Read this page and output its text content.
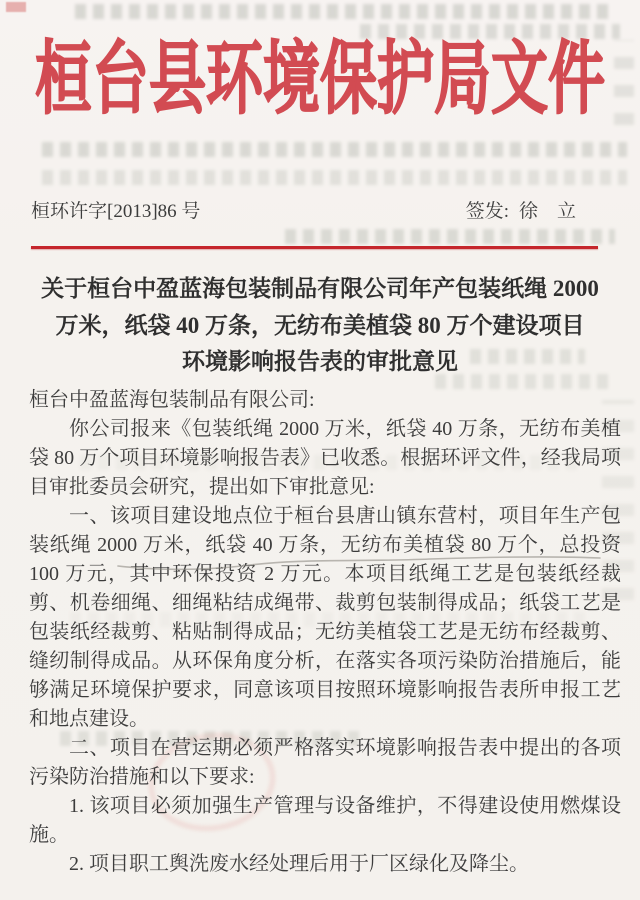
桓台县环境保护局文件
桓环许字[2013]86 号	签发: 徐　立
关于桓台中盈蓝海包装制品有限公司年产包装纸绳 2000
万米，纸袋 40 万条，无纺布美植袋 80 万个建设项目
环境影响报告表的审批意见

桓台中盈蓝海包装制品有限公司:

你公司报来《包装纸绳 2000 万米，纸袋 40 万条，无纺布美植袋 80 万个项目环境影响报告表》已收悉。根据环评文件，经我局项目审批委员会研究，提出如下审批意见:

一、该项目建设地点位于桓台县唐山镇东营村，项目年生产包装纸绳 2000 万米，纸袋 40 万条，无纺布美植袋 80 万个，总投资 100 万元，其中环保投资 2 万元。本项目纸绳工艺是包装纸经裁剪、机卷细绳、细绳粘结成绳带、裁剪包装制得成品；纸袋工艺是包装纸经裁剪、粘贴制得成品；无纺美植袋工艺是无纺布经裁剪、缝纫制得成品。从环保角度分析，在落实各项污染防治措施后，能够满足环境保护要求，同意该项目按照环境影响报告表所申报工艺和地点建设。

二、项目在营运期必须严格落实环境影响报告表中提出的各项污染防治措施和以下要求:

1. 该项目必须加强生产管理与设备维护，不得建设使用燃煤设施。

2. 项目职工舆洗废水经处理后用于厂区绿化及降尘。
